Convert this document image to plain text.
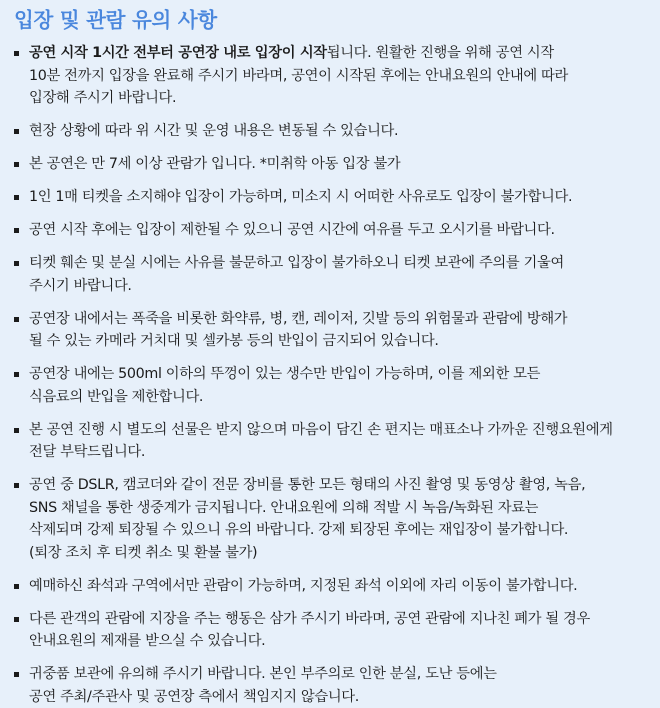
입장 및 관람 유의 사항
공연 시작 1시간 전부터 공연장 내로 입장이 시작됩니다. 원활한 진행을 위해 공연 시작
10분 전까지 입장을 완료해 주시기 바라며, 공연이 시작된 후에는 안내요원의 안내에 따라
입장해 주시기 바랍니다.
현장 상황에 따라 위 시간 및 운영 내용은 변동될 수 있습니다.
본 공연은 만 7세 이상 관람가 입니다. *미취학 아동 입장 불가
1인 1매 티켓을 소지해야 입장이 가능하며, 미소지 시 어떠한 사유로도 입장이 불가합니다.
공연 시작 후에는 입장이 제한될 수 있으니 공연 시간에 여유를 두고 오시기를 바랍니다.
티켓 훼손 및 분실 시에는 사유를 불문하고 입장이 불가하오니 티켓 보관에 주의를 기울여
주시기 바랍니다.
공연장 내에서는 폭죽을 비롯한 화약류, 병, 캔, 레이저, 깃발 등의 위험물과 관람에 방해가
될 수 있는 카메라 거치대 및 셀카봉 등의 반입이 금지되어 있습니다.
공연장 내에는 500ml 이하의 뚜껑이 있는 생수만 반입이 가능하며, 이를 제외한 모든
식음료의 반입을 제한합니다.
본 공연 진행 시 별도의 선물은 받지 않으며 마음이 담긴 손 편지는 매표소나 가까운 진행요원에게
전달 부탁드립니다.
공연 중 DSLR, 캠코더와 같이 전문 장비를 통한 모든 형태의 사진 촬영 및 동영상 촬영, 녹음,
SNS 채널을 통한 생중계가 금지됩니다. 안내요원에 의해 적발 시 녹음/녹화된 자료는
삭제되며 강제 퇴장될 수 있으니 유의 바랍니다. 강제 퇴장된 후에는 재입장이 불가합니다.
(퇴장 조치 후 티켓 취소 및 환불 불가)
예매하신 좌석과 구역에서만 관람이 가능하며, 지정된 좌석 이외에 자리 이동이 불가합니다.
다른 관객의 관람에 지장을 주는 행동은 삼가 주시기 바라며, 공연 관람에 지나친 폐가 될 경우
안내요원의 제재를 받으실 수 있습니다.
귀중품 보관에 유의해 주시기 바랍니다. 본인 부주의로 인한 분실, 도난 등에는
공연 주최/주관사 및 공연장 측에서 책임지지 않습니다.
